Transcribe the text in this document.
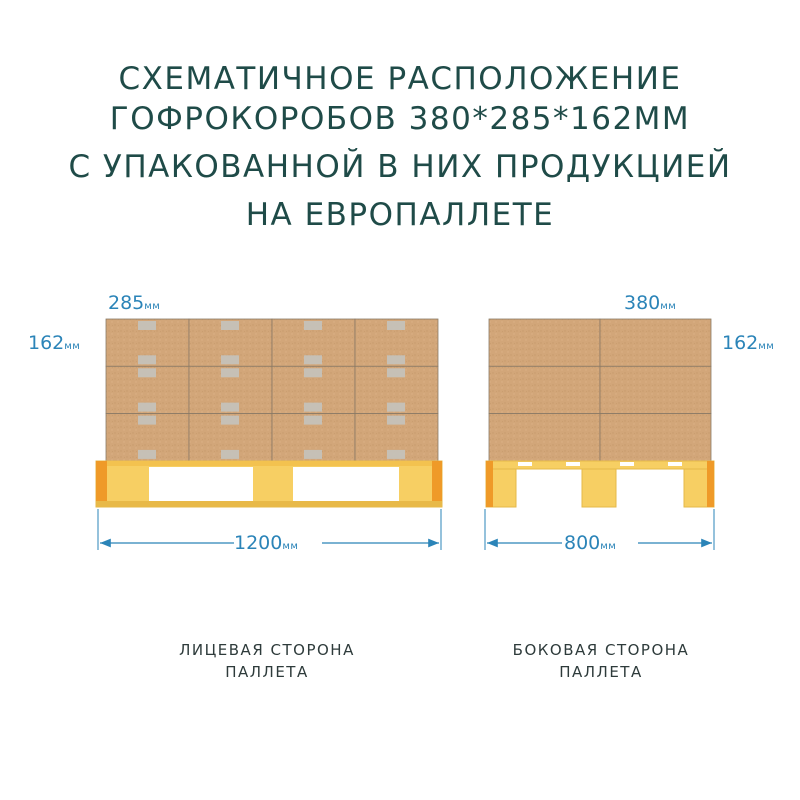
СХЕМАТИЧНОЕ РАСПОЛОЖЕНИЕ
ГОФРОКОРОБОВ 380*285*162ММ
С УПАКОВАННОЙ В НИХ ПРОДУКЦИЕЙ
НА ЕВРОПАЛЛЕТЕ
285мм
162мм
1200мм
380мм
162мм
800мм
ЛИЦЕВАЯ СТОРОНА
ПАЛЛЕТА
БОКОВАЯ СТОРОНА
ПАЛЛЕТА
